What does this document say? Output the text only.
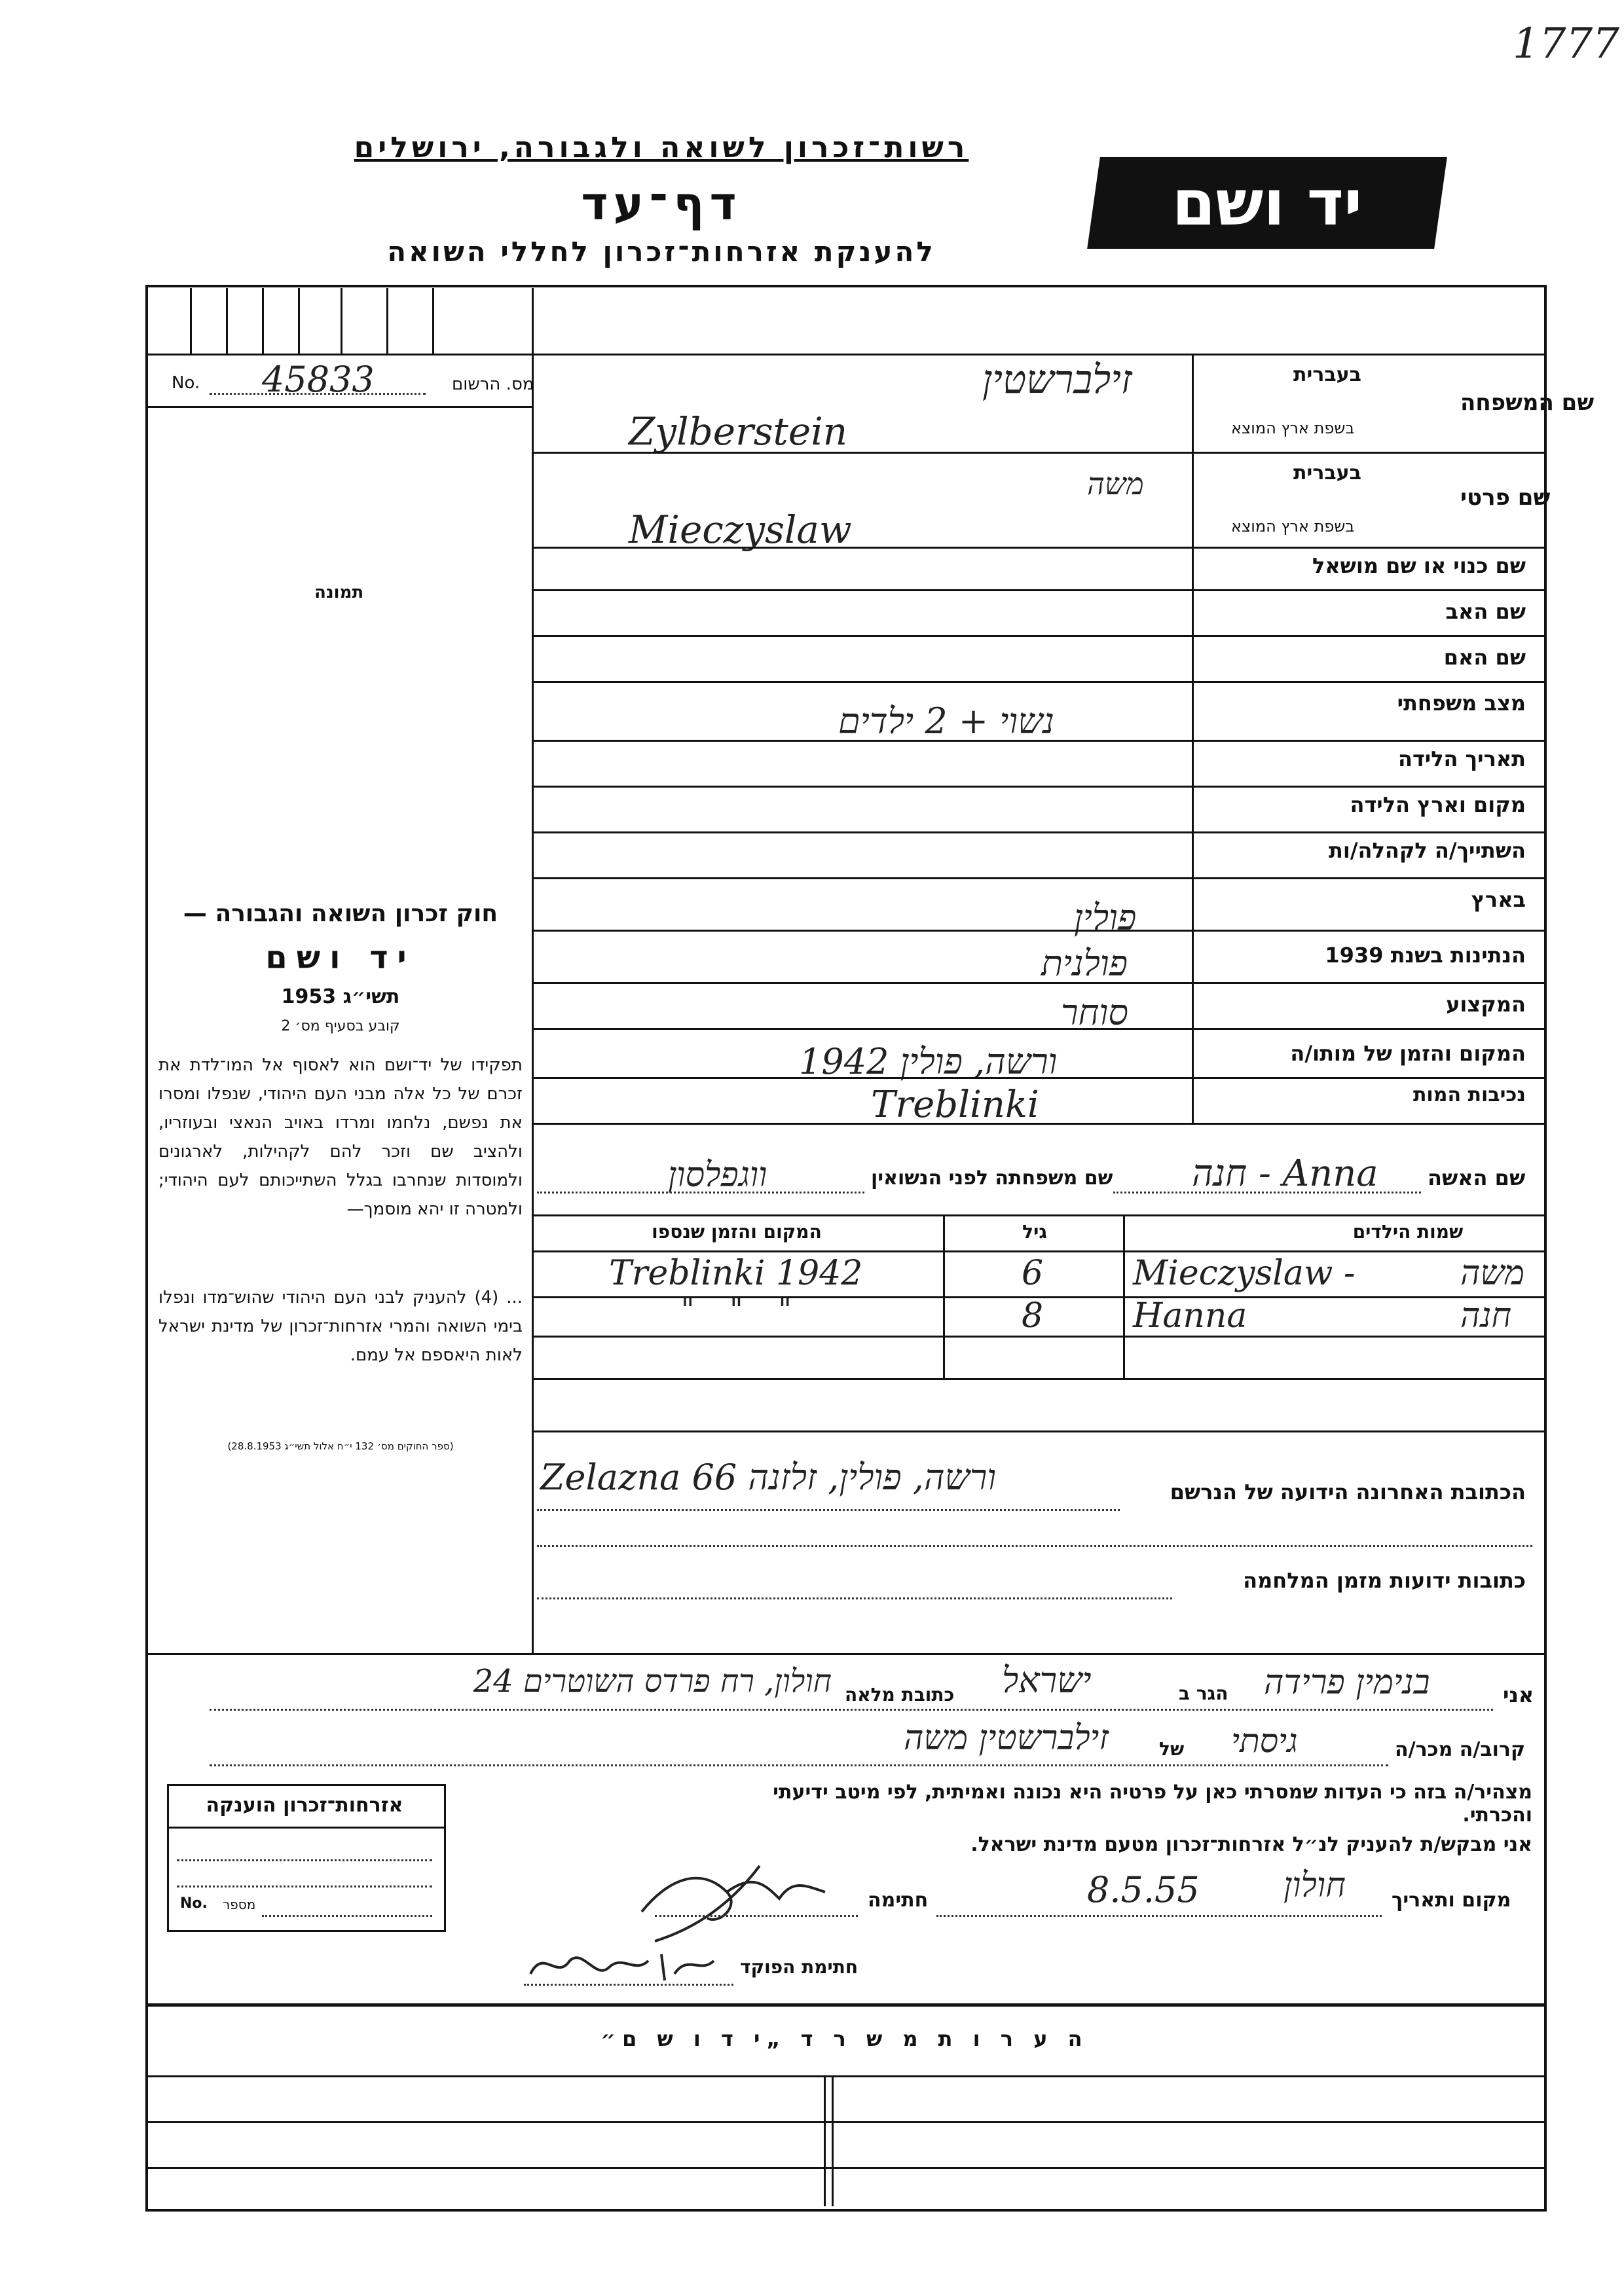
1777
רשות־זכרון לשואה ולגבורה, ירושלים
דף־עד
להענקת אזרחות־זכרון לחללי השואה
יד ושם
No. 45833	מס. הרשום
תמונה
בעברית
שם המשפחה
בשפת ארץ המוצא
זילברשטין
Zylberstein
בעברית
שם פרטי
בשפת ארץ המוצא
משה
Mieczyslaw
שם כנוי או שם מושאל
שם האב
שם האם
מצב משפחתי
נשוי + 2 ילדים
תאריך הלידה
מקום וארץ הלידה
השתייך/ה לקהלה/ות
בארץ
פולין
הנתינות בשנת 1939
פולנית
המקצוע
סוחר
המקום והזמן של מותו/ה
ורשה, פולין 1942
נכיבות המות
Treblinki
שם האשה
חנה - Anna
שם משפחתה לפני הנשואין
ווגפלסון
שמות הילדים
גיל
המקום והזמן שנספו
משה
Mieczyslaw -
6
Treblinki 1942
חנה
Hanna
8
" " "
חוק זכרון השואה והגבורה —
יד ושם
תשי״ג 1953
קובע בסעיף מס׳ 2
תפקידו של יד־ושם הוא לאסוף אל המו־לדת את זכרם של כל אלה מבני העם היהודי, שנפלו ומסרו את נפשם, נלחמו ומרדו באויב הנאצי ובעוזריו, ולהציב שם וזכר להם לקהילות, לארגונים ולמוסדות שנחרבו בגלל השתייכותם לעם היהודי; ולמטרה זו יהא מוסמך—
... (4) להעניק לבני העם היהודי שהוש־מדו ונפלו בימי השואה והמרי אזרחות־זכרון של מדינת ישראל לאות היאספם אל עמם.
(ספר החוקים מס׳ 132 י״ח אלול תשי״ג 28.8.1953)
הכתובת האחרונה הידועה של הנרשם
ורשה, פולין, זלזנה 66 Zelazna
כתובות ידועות מזמן המלחמה
אני
בנימין פרידה
הגר ב
ישראל
כתובת מלאה
חולון, רח פרדס השוטרים 24
קרוב/ה מכר/ה
גיסתי
של
זילברשטין משה
מצהיר/ה בזה כי העדות שמסרתי כאן על פרטיה היא נכונה ואמיתית, לפי מיטב ידיעתי והכרתי.
אני מבקש/ת להעניק לנ״ל אזרחות־זכרון מטעם מדינת ישראל.
מקום ותאריך
חולון
8.5.55
חתימה
חתימת הפוקד
אזרחות־זכרון הוענקה
No. מספר
ה ע ר ו ת מ ש ר ד „י ד ו ש ם״
